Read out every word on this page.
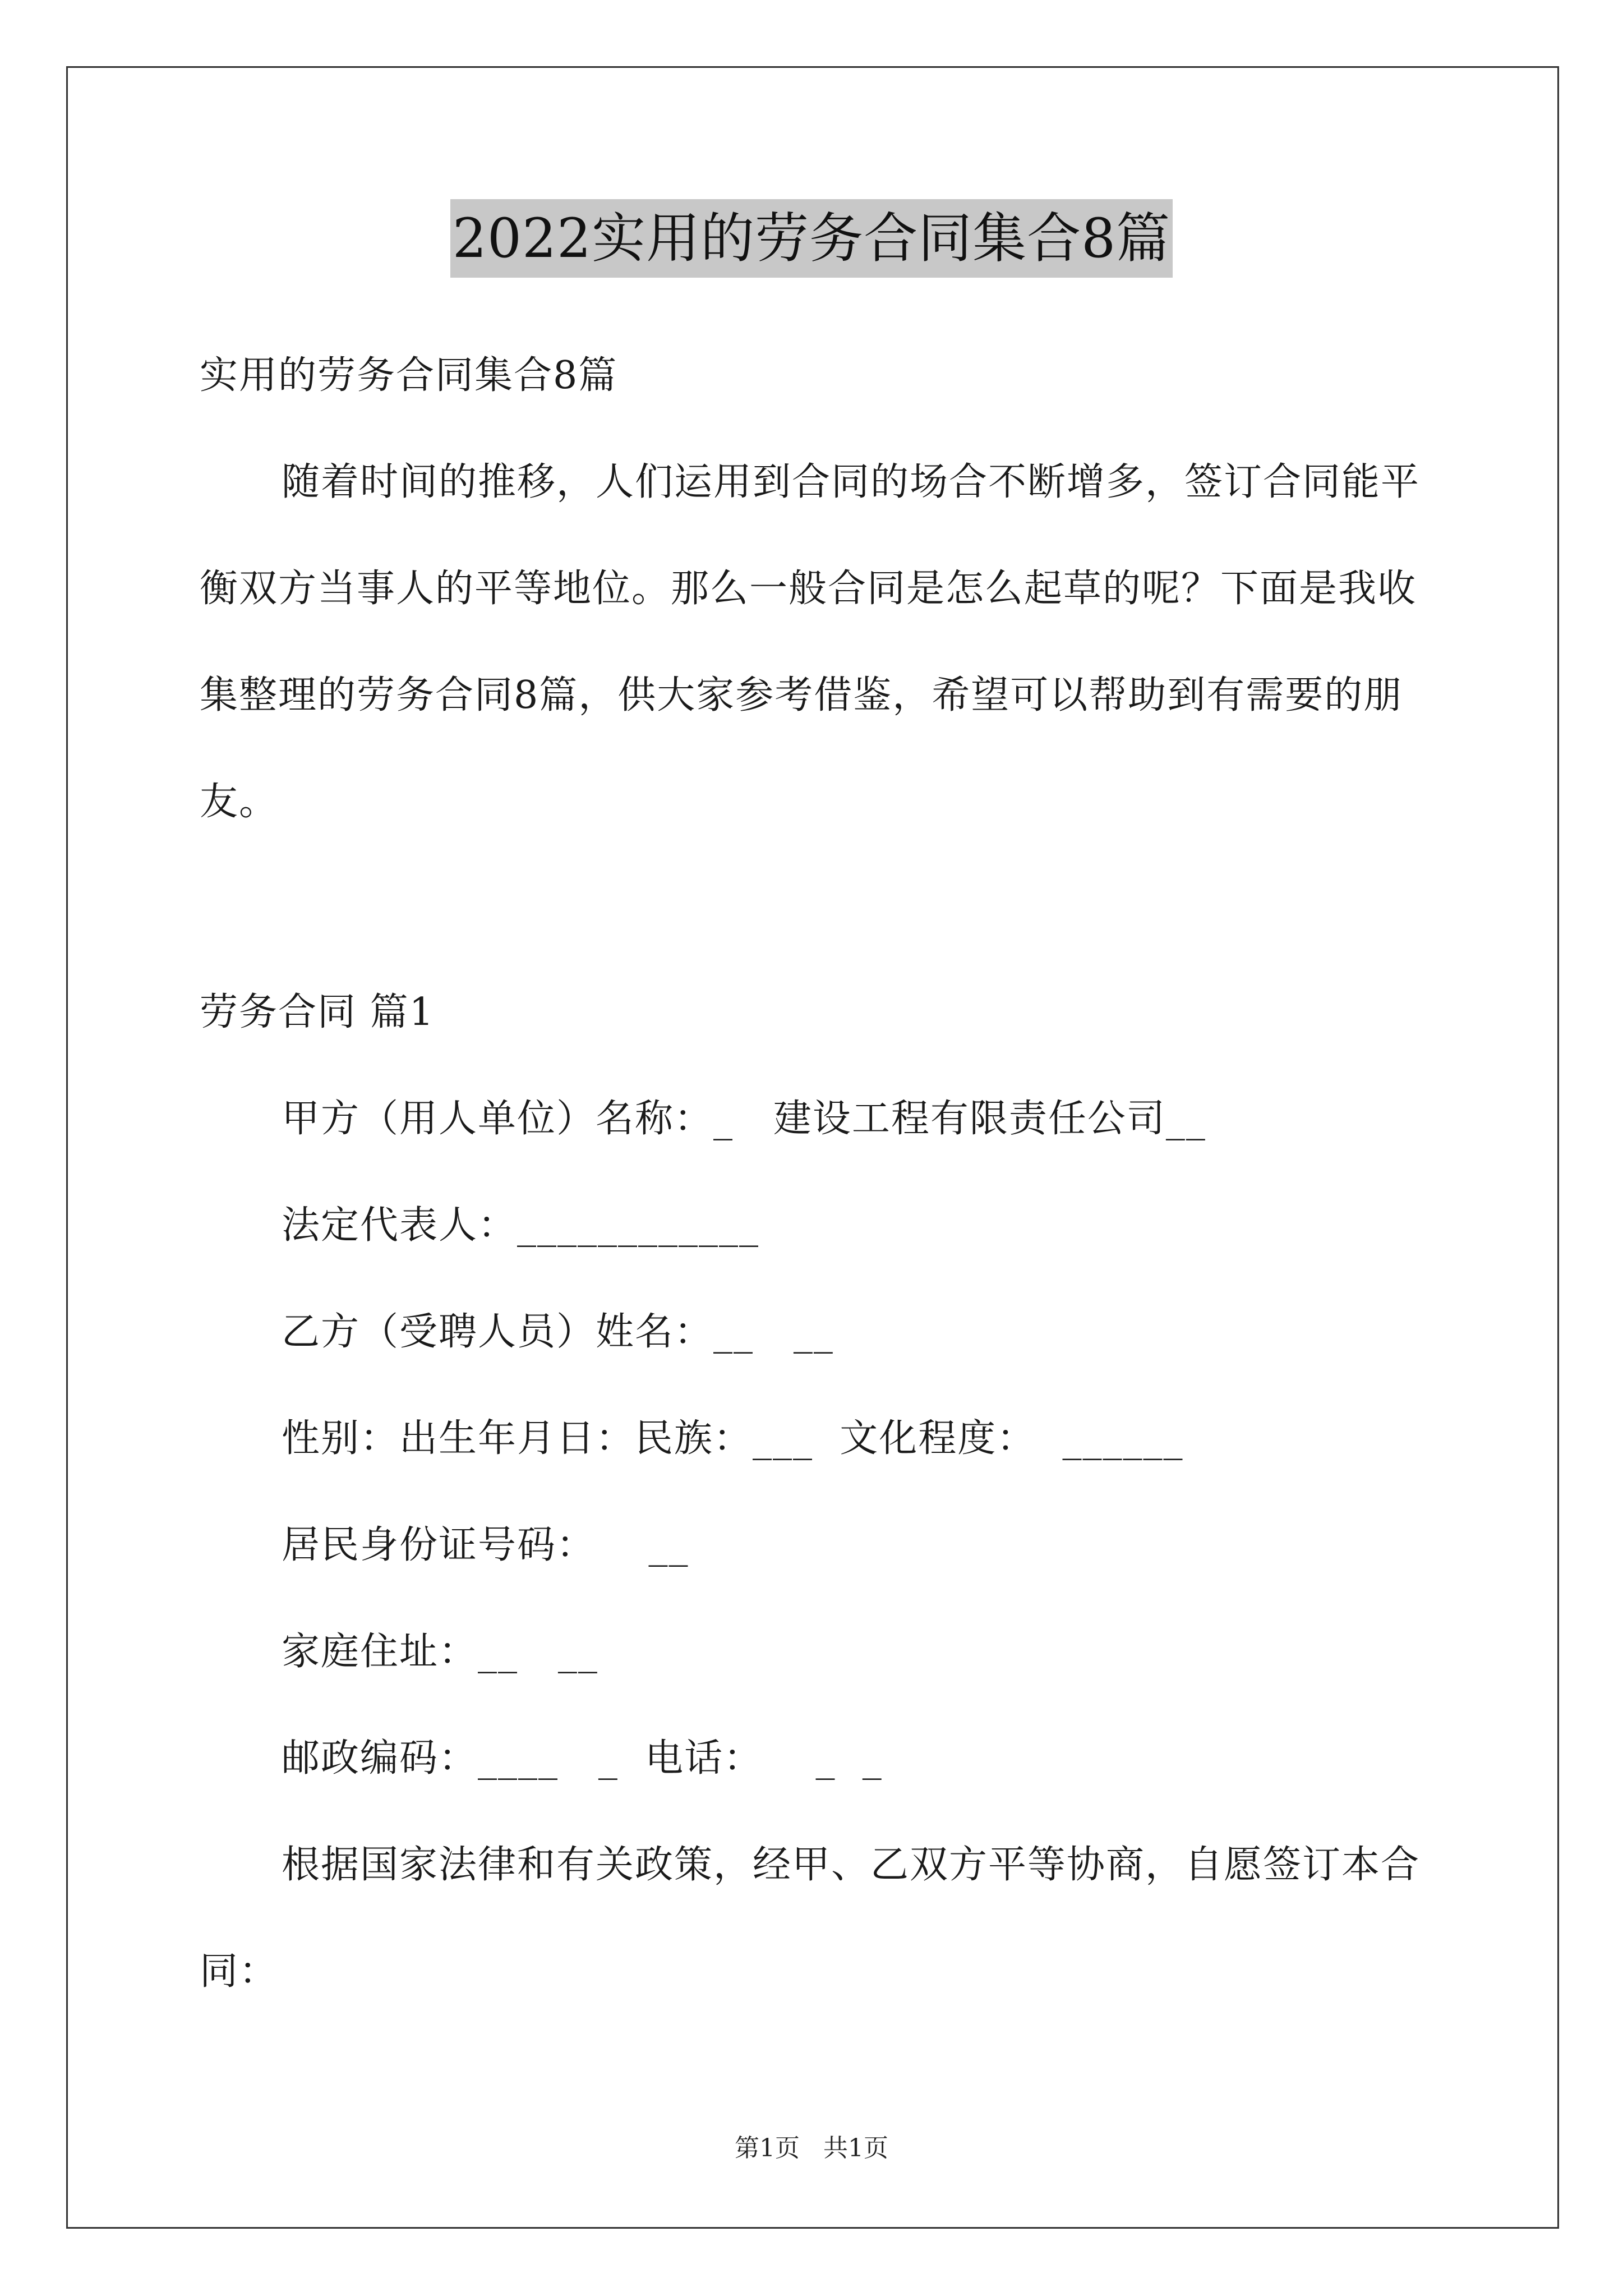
2022实用的劳务合同集合8篇

实用的劳务合同集合8篇

随着时间的推移，人们运用到合同的场合不断增多，签订合同能平衡双方当事人的平等地位。那么一般合同是怎么起草的呢？下面是我收集整理的劳务合同8篇，供大家参考借鉴，希望可以帮助到有需要的朋友。

劳务合同 篇1

甲方（用人单位）名称：_   建设工程有限责任公司__
法定代表人：____________
乙方（受聘人员）姓名：__   __
性别：出生年月日：民族：___  文化程度：  ______
居民身份证号码：    __
家庭住址：__   __
邮政编码：____   _  电话：    _  _

根据国家法律和有关政策，经甲、乙双方平等协商，自愿签订本合同：

第1页   共1页
